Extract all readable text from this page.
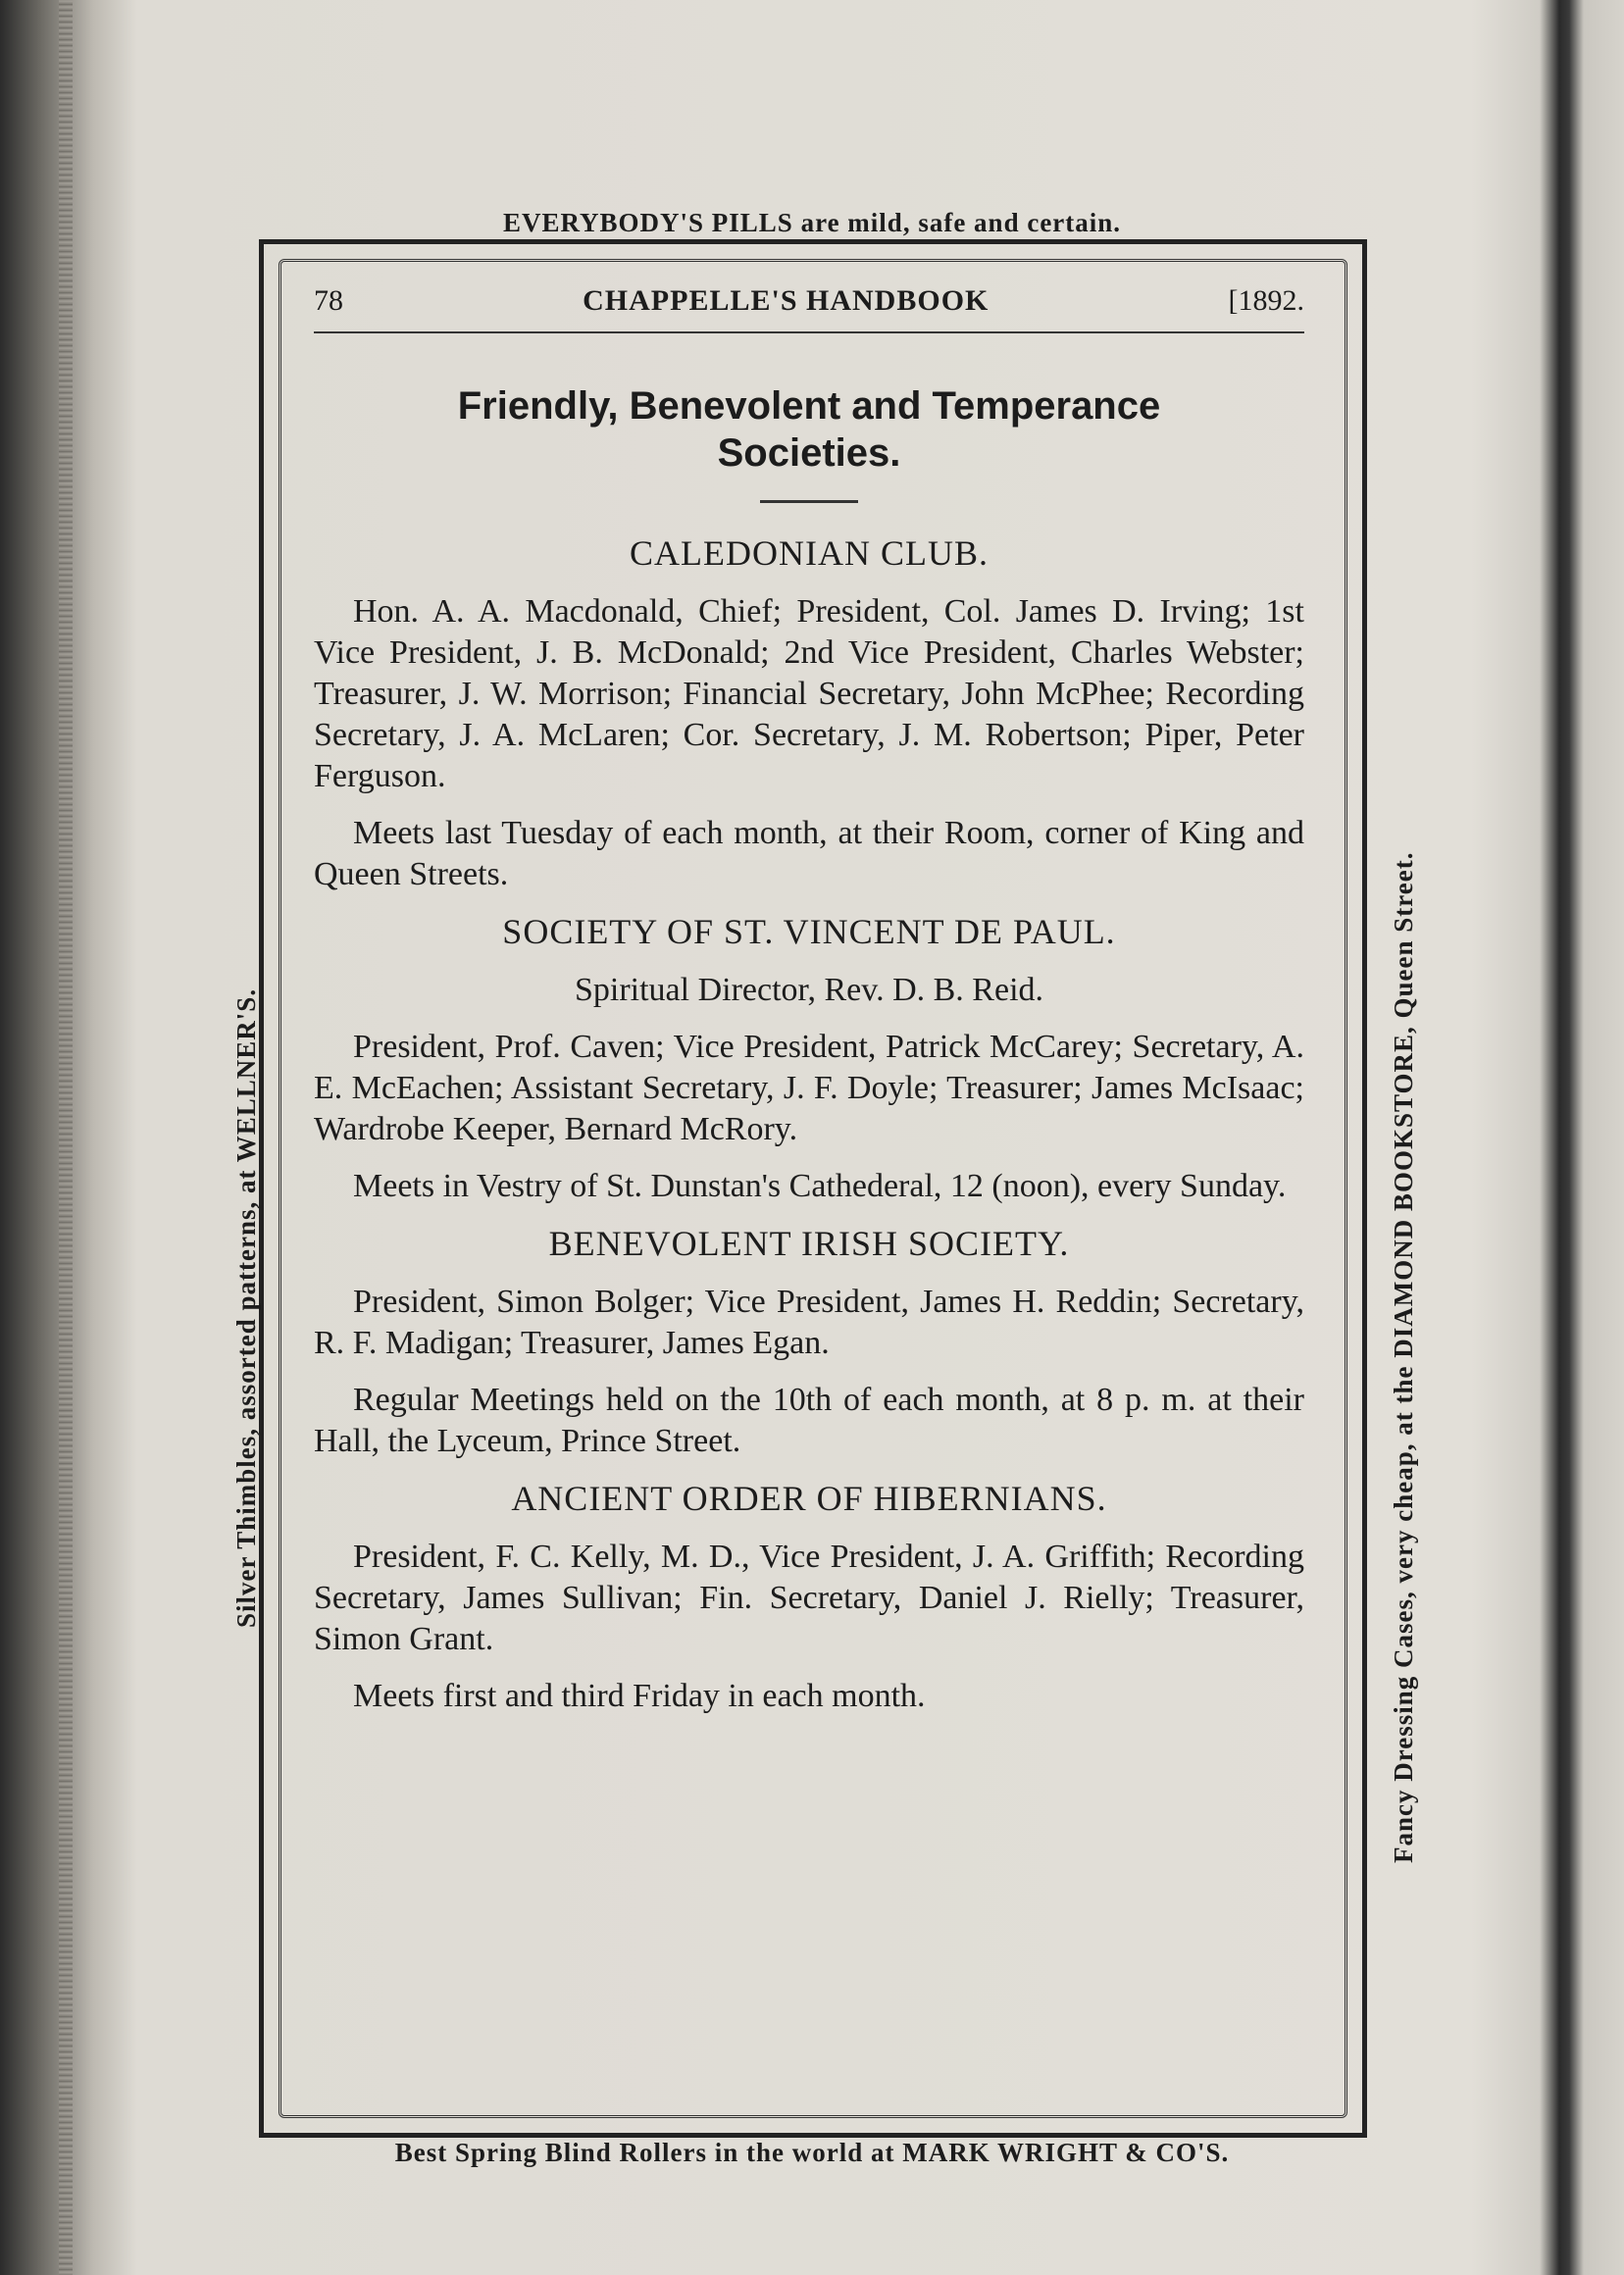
EVERYBODY'S PILLS are mild, safe and certain.
Silver Thimbles, assorted patterns, at WELLNER'S.	Fancy Dressing Cases, very cheap, at the DIAMOND BOOKSTORE, Queen Street.
78	CHAPPELLE'S HANDBOOK	[1892.
Friendly, Benevolent and Temperance
Societies.
CALEDONIAN CLUB.

Hon. A. A. Macdonald, Chief; President, Col. James D. Irving; 1st Vice President, J. B. McDonald; 2nd Vice President, Charles Webster; Treasurer, J. W. Morrison; Financial Secretary, John McPhee; Recording Secretary, J. A. McLaren; Cor. Secretary, J. M. Robertson; Piper, Peter Ferguson.

Meets last Tuesday of each month, at their Room, corner of King and Queen Streets.

SOCIETY OF ST. VINCENT DE PAUL.

Spiritual Director, Rev. D. B. Reid.

President, Prof. Caven; Vice President, Patrick McCarey; Secretary, A. E. McEachen; Assistant Secretary, J. F. Doyle; Treasurer; James McIsaac; Wardrobe Keeper, Bernard McRory.

Meets in Vestry of St. Dunstan's Cathederal, 12 (noon), every Sunday.

BENEVOLENT IRISH SOCIETY.

President, Simon Bolger; Vice President, James H. Reddin; Secretary, R. F. Madigan; Treasurer, James Egan.

Regular Meetings held on the 10th of each month, at 8 p. m. at their Hall, the Lyceum, Prince Street.

ANCIENT ORDER OF HIBERNIANS.

President, F. C. Kelly, M. D., Vice President, J. A. Griffith; Recording Secretary, James Sullivan; Fin. Secretary, Daniel J. Rielly; Treasurer, Simon Grant.

Meets first and third Friday in each month.

Best Spring Blind Rollers in the world at MARK WRIGHT & CO'S.
